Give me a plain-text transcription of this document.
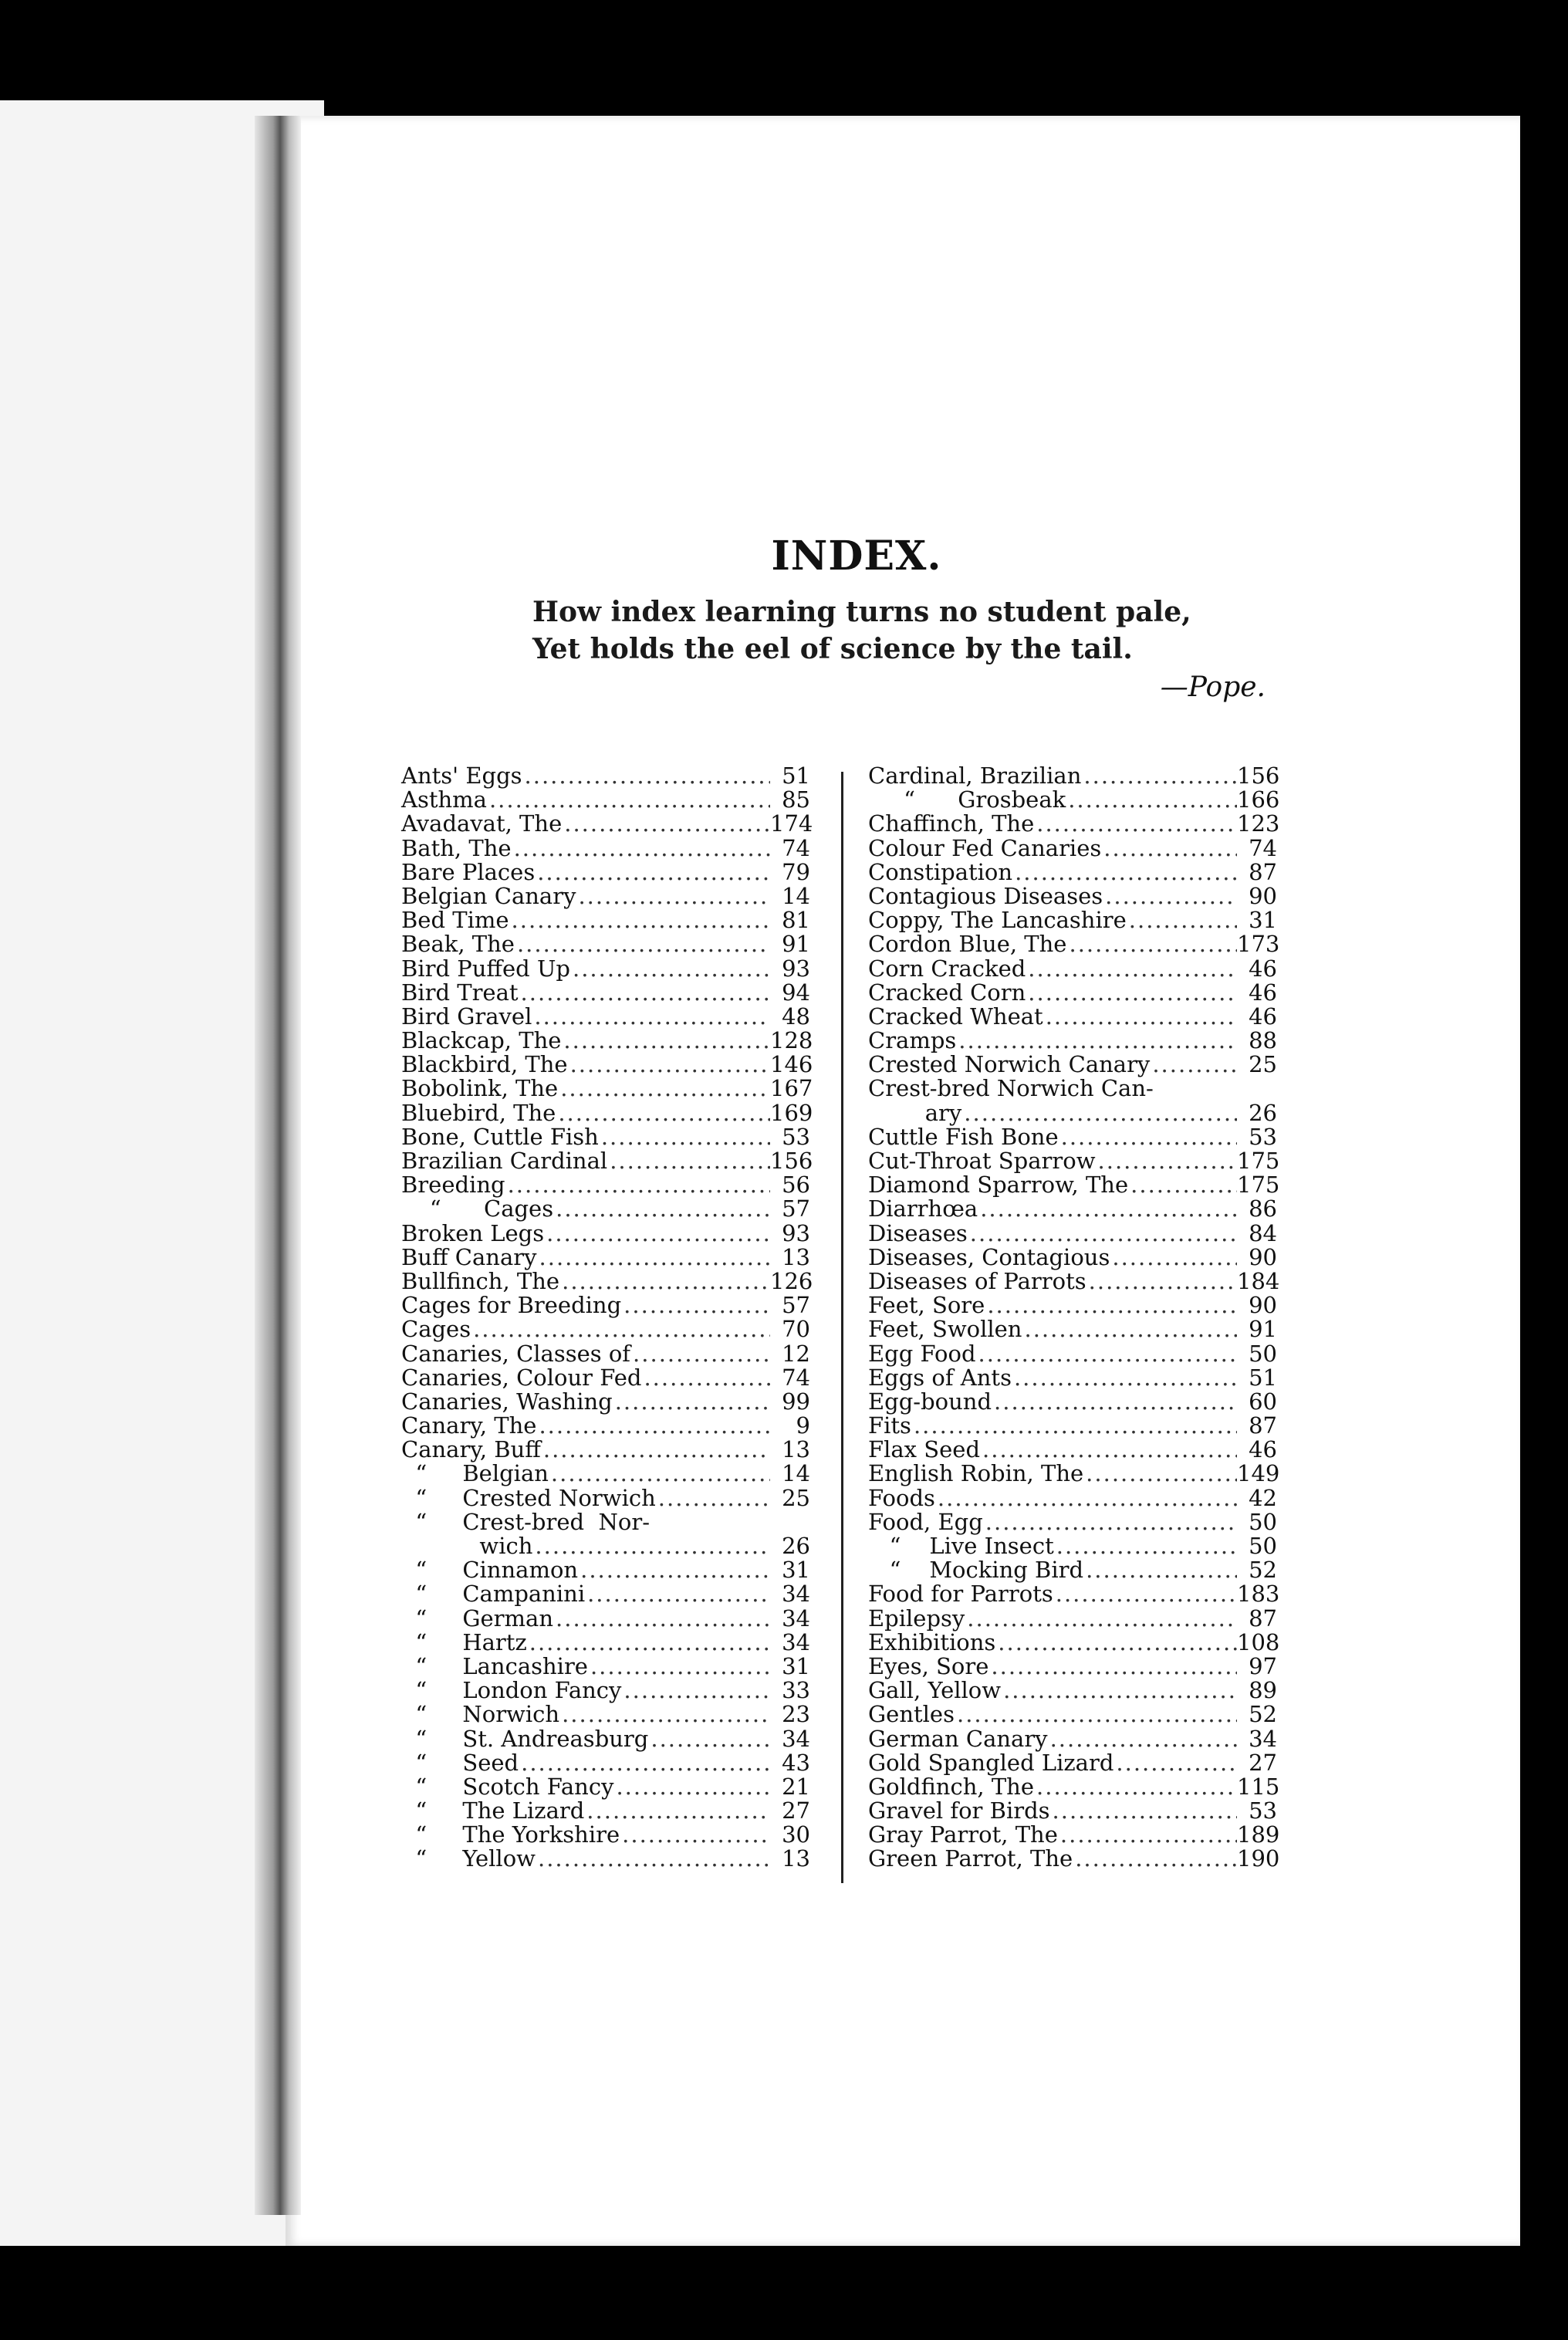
INDEX.
How index learning turns no student pale,
Yet holds the eel of science by the tail.
—Pope.
Ants' Eggs .....	51
Asthma .....	85
Avadavat, The .....	174
Bath, The .....	74
Bare Places .....	79
Belgian Canary .....	14
Bed Time .....	81
Beak, The .....	91
Bird Puffed Up .....	93
Bird Treat .....	94
Bird Gravel .....	48
Blackcap, The .....	128
Blackbird, The .....	146
Bobolink, The .....	167
Bluebird, The .....	169
Bone, Cuttle Fish .....	53
Brazilian Cardinal .....	156
Breeding .....	56
“      Cages .....	57
Broken Legs .....	93
Buff Canary .....	13
Bullfinch, The .....	126
Cages for Breeding .....	57
Cages .....	70
Canaries, Classes of .....	12
Canaries, Colour Fed .....	74
Canaries, Washing .....	99
Canary, The .....	9
Canary, Buff .....	13
“     Belgian .....	14
“     Crested Norwich .....	25
“     Crest-bred  Nor-
wich .....	26
“     Cinnamon .....	31
“     Campanini .....	34
“     German .....	34
“     Hartz .....	34
“     Lancashire .....	31
“     London Fancy .....	33
“     Norwich .....	23
“     St. Andreasburg .....	34
“     Seed .....	43
“     Scotch Fancy .....	21
“     The Lizard .....	27
“     The Yorkshire .....	30
“     Yellow .....	13
Cardinal, Brazilian .....	156
“      Grosbeak .....	166
Chaffinch, The .....	123
Colour Fed Canaries .....	74
Constipation .....	87
Contagious Diseases .....	90
Coppy, The Lancashire .....	31
Cordon Blue, The .....	173
Corn Cracked .....	46
Cracked Corn .....	46
Cracked Wheat .....	46
Cramps .....	88
Crested Norwich Canary .....	25
Crest-bred Norwich Can-
ary .....	26
Cuttle Fish Bone .....	53
Cut-Throat Sparrow .....	175
Diamond Sparrow, The .....	175
Diarrhœa .....	86
Diseases .....	84
Diseases, Contagious .....	90
Diseases of Parrots .....	184
Feet, Sore .....	90
Feet, Swollen .....	91
Egg Food .....	50
Eggs of Ants .....	51
Egg-bound .....	60
Fits .....	87
Flax Seed .....	46
English Robin, The .....	149
Foods .....	42
Food, Egg .....	50
“    Live Insect .....	50
“    Mocking Bird .....	52
Food for Parrots .....	183
Epilepsy .....	87
Exhibitions .....	108
Eyes, Sore .....	97
Gall, Yellow .....	89
Gentles .....	52
German Canary .....	34
Gold Spangled Lizard .....	27
Goldfinch, The .....	115
Gravel for Birds .....	53
Gray Parrot, The .....	189
Green Parrot, The .....	190
